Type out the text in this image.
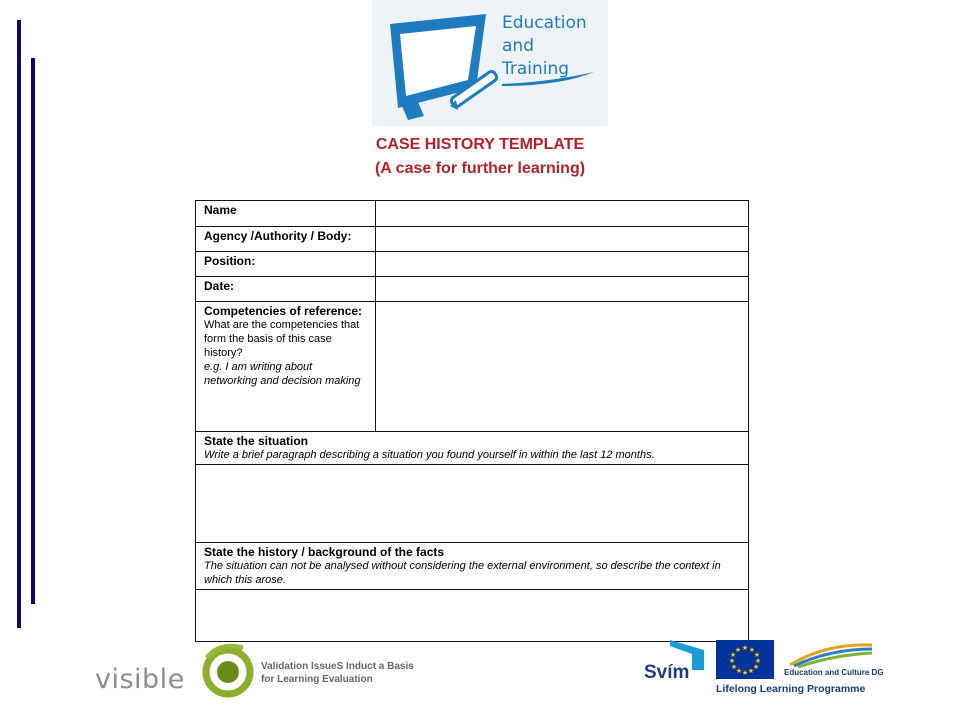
Education
and
Training
CASE HISTORY TEMPLATE
(A case for further learning)
Name	
Agency /Authority / Body:	
Position:	
Date:	

Competencies of reference:
What are the competencies that form the basis of this case history?
e.g. I am writing about networking and decision making	

State the situation
Write a brief paragraph describing a situation you found yourself in within the last 12 months.	

State the history / background of the facts
The situation can not be analysed without considering the external environment, so describe the context in which this arose.	

visible	Validation IssueS Induct a Basis
for Learning Evaluation	Svím
★ ★
★
★
★
★
★
★
★
★
★
★
Education and Culture DG
Lifelong Learning Programme
